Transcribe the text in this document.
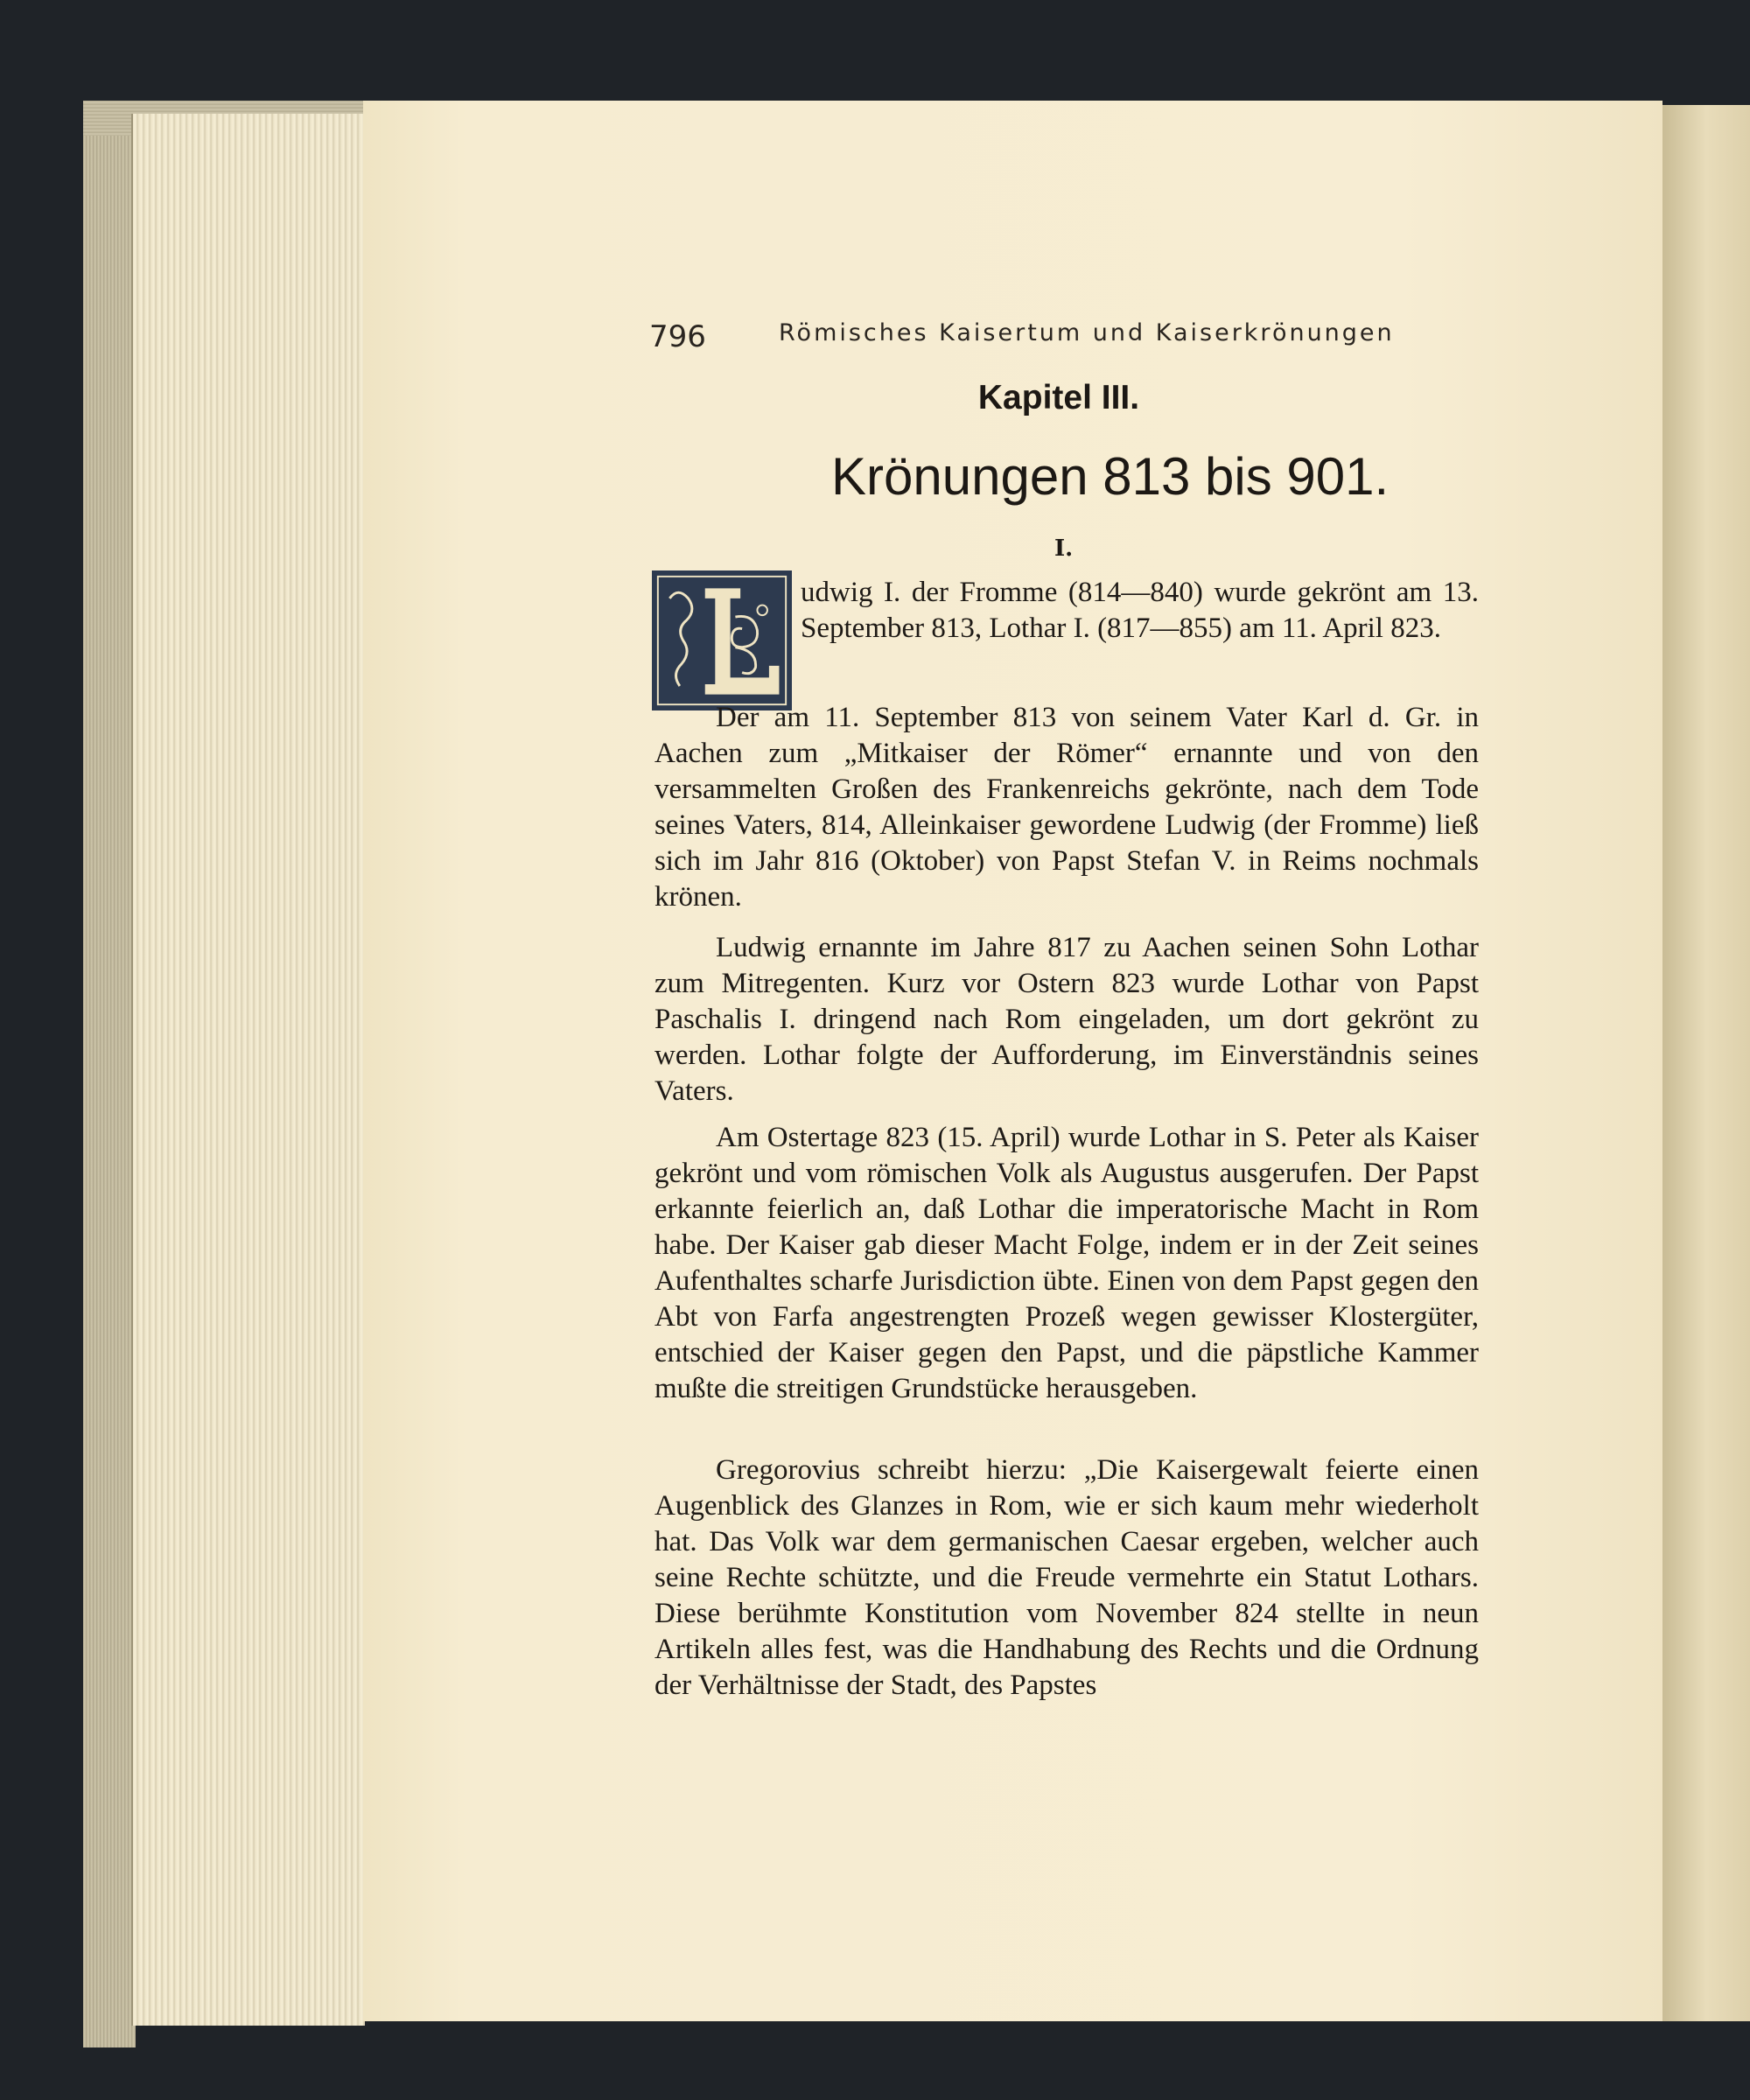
796	Römisches Kaisertum und Kaiserkrönungen
Kapitel III.
Krönungen 813 bis 901.
I.
udwig I. der Fromme (814—840) wurde gekrönt am 13. September 813, Lothar I. (817—855) am 11. April 823.

Der am 11. September 813 von seinem Vater Karl d. Gr. in Aachen zum „Mitkaiser der Römer“ ernannte und von den versammelten Großen des Frankenreichs gekrönte, nach dem Tode seines Vaters, 814, Alleinkaiser gewordene Ludwig (der Fromme) ließ sich im Jahr 816 (Oktober) von Papst Stefan V. in Reims nochmals krönen.

Ludwig ernannte im Jahre 817 zu Aachen seinen Sohn Lothar zum Mitregenten. Kurz vor Ostern 823 wurde Lothar von Papst Paschalis I. dringend nach Rom eingeladen, um dort gekrönt zu werden. Lothar folgte der Aufforderung, im Einverständnis seines Vaters.

Am Ostertage 823 (15. April) wurde Lothar in S. Peter als Kaiser gekrönt und vom römischen Volk als Augustus ausgerufen. Der Papst erkannte feierlich an, daß Lothar die imperatorische Macht in Rom habe. Der Kaiser gab dieser Macht Folge, indem er in der Zeit seines Aufenthaltes scharfe Jurisdiction übte. Einen von dem Papst gegen den Abt von Farfa angestrengten Prozeß wegen gewisser Klostergüter, entschied der Kaiser gegen den Papst, und die päpstliche Kammer mußte die streitigen Grundstücke herausgeben.

Gregorovius schreibt hierzu: „Die Kaisergewalt feierte einen Augenblick des Glanzes in Rom, wie er sich kaum mehr wiederholt hat. Das Volk war dem germanischen Caesar ergeben, welcher auch seine Rechte schützte, und die Freude vermehrte ein Statut Lothars. Diese berühmte Konstitution vom November 824 stellte in neun Artikeln alles fest, was die Handhabung des Rechts und die Ordnung der Verhältnisse der Stadt, des Papstes
